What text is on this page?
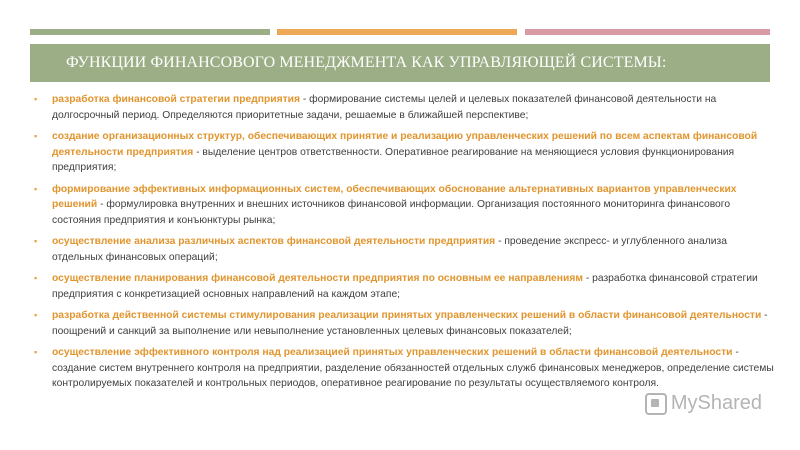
ФУНКЦИИ ФИНАНСОВОГО МЕНЕДЖМЕНТА КАК УПРАВЛЯЮЩЕЙ СИСТЕМЫ:
▪ разработка финансовой стратегии предприятия - формирование системы целей и целевых показателей финансовой деятельности на долгосрочный период. Определяются приоритетные задачи, решаемые в ближайшей перспективе;
▪ создание организационных структур, обеспечивающих принятие и реализацию управленческих решений по всем аспектам финансовой деятельности предприятия - выделение центров ответственности. Оперативное реагирование на меняющиеся условия функционирования предприятия;
▪ формирование эффективных информационных систем, обеспечивающих обоснование альтернативных вариантов управленческих решений - формулировка внутренних и внешних источников финансовой информации. Организация постоянного мониторинга финансового состояния предприятия и конъюнктуры рынка;
▪ осуществление анализа различных аспектов финансовой деятельности предприятия - проведение экспресс- и углубленного анализа отдельных финансовых операций;
▪ осуществление планирования финансовой деятельности предприятия по основным ее направлениям - разработка финансовой стратегии предприятия с конкретизацией основных направлений на каждом этапе;
▪ разработка действенной системы стимулирования реализации принятых управленческих решений в области финансовой деятельности - поощрений и санкций за выполнение или невыполнение установленных целевых финансовых показателей;
▪ осуществление эффективного контроля над реализацией принятых управленческих решений в области финансовой деятельности - создание систем внутреннего контроля на предприятии, разделение обязанностей отдельных служб финансовых менеджеров, определение системы контролируемых показателей и контрольных периодов, оперативное реагирование по результаты осуществляемого контроля.
MyShared
